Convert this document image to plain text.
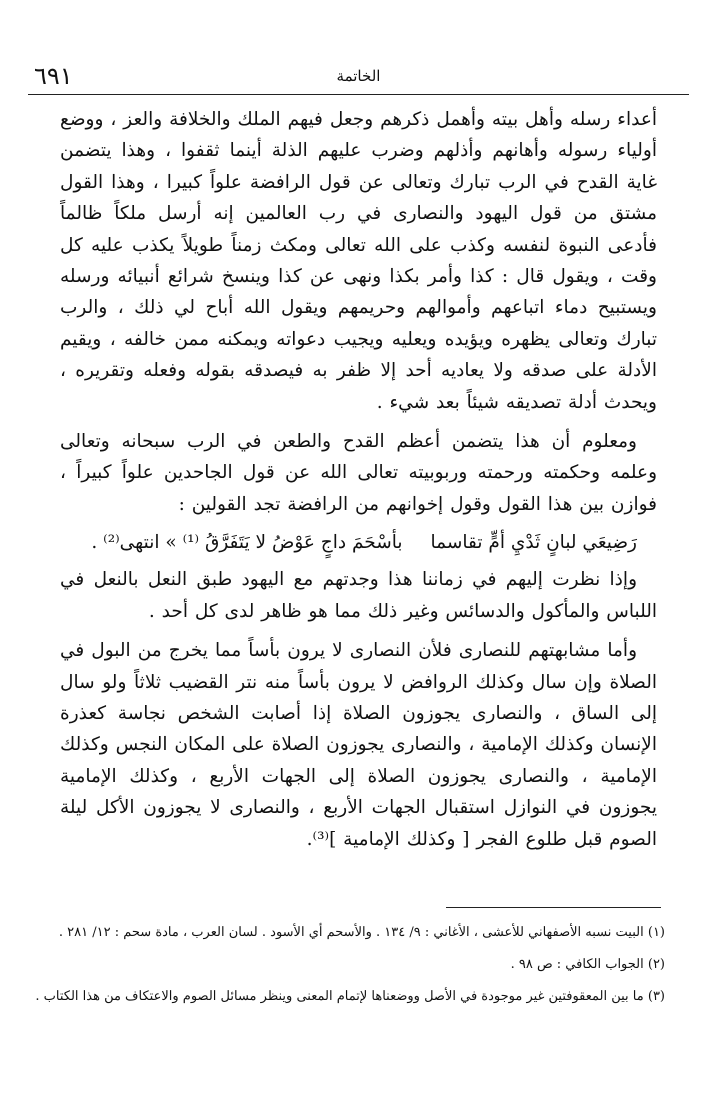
الخاتمة
٦٩١

أعداء رسله وأهل بيته وأهمل ذكرهم وجعل فيهم الملك والخلافة والعز ، ووضع أولياء رسوله وأهانهم وأذلهم وضرب عليهم الذلة أينما ثقفوا ، وهذا يتضمن غاية القدح في الرب تبارك وتعالى عن قول الرافضة علواً كبيرا ، وهذا القول مشتق من قول اليهود والنصارى في رب العالمين إنه أرسل ملكاً ظالماً فأدعى النبوة لنفسه وكذب على الله تعالى ومكث زمناً طويلاً يكذب عليه كل وقت ، ويقول قال : كذا وأمر بكذا ونهى عن كذا وينسخ شرائع أنبيائه ورسله ويستبيح دماء اتباعهم وأموالهم وحريمهم ويقول الله أباح لي ذلك ، والرب تبارك وتعالى يظهره ويؤيده ويعليه ويجيب دعواته ويمكنه ممن خالفه ، ويقيم الأدلة على صدقه ولا يعاديه أحد إلا ظفر به فيصدقه بقوله وفعله وتقريره ، ويحدث أدلة تصديقه شيئاً بعد شيء .

ومعلوم أن هذا يتضمن أعظم القدح والطعن في الرب سبحانه وتعالى وعلمه وحكمته ورحمته وربوبيته تعالى الله عن قول الجاحدين علواً كبيراً ، فوازن بين هذا القول وقول إخوانهم من الرافضة تجد القولين :

رَضِيعَي لبانٍ ثَدْيِ أمٍّ تقاسمابأسْحَمَ داجٍ عَوْضُ لا يَتَفَرَّقُ ⁽¹⁾ » انتهى⁽²⁾ .

وإذا نظرت إليهم في زماننا هذا وجدتهم مع اليهود طبق النعل بالنعل في اللباس والمأكول والدسائس وغير ذلك مما هو ظاهر لدى كل أحد .

وأما مشابهتهم للنصارى فلأن النصارى لا يرون بأساً مما يخرج من البول في الصلاة وإن سال وكذلك الروافض لا يرون بأساً منه نتر القضيب ثلاثاً ولو سال إلى الساق ، والنصارى يجوزون الصلاة إذا أصابت الشخص نجاسة كعذرة الإنسان وكذلك الإمامية ، والنصارى يجوزون الصلاة على المكان النجس وكذلك الإمامية ، والنصارى يجوزون الصلاة إلى الجهات الأربع ، وكذلك الإمامية يجوزون في النوازل استقبال الجهات الأربع ، والنصارى لا يجوزون الأكل ليلة الصوم قبل طلوع الفجر [ وكذلك الإمامية ]⁽³⁾.

(١) البيت نسبه الأصفهاني للأعشى ، الأغاني : ٩/ ١٣٤ . والأسحم أي الأسود . لسان العرب ، مادة سحم : ١٢/ ٢٨١ .

(٢) الجواب الكافي : ص ٩٨ .

(٣) ما بين المعقوفتين غير موجودة في الأصل ووضعناها لإتمام المعنى وينظر مسائل الصوم والاعتكاف من هذا الكتاب .
